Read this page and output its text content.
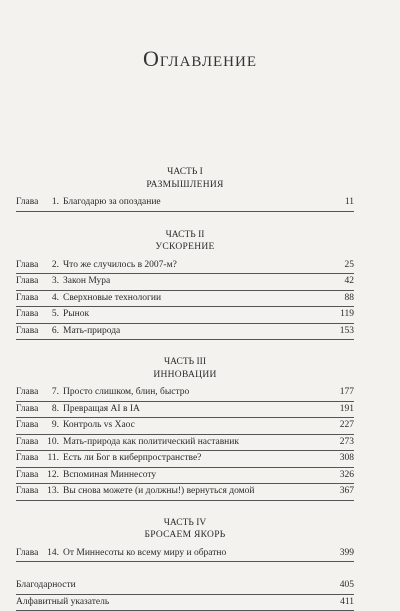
Оглавление
ЧАСТЬ I
РАЗМЫШЛЕНИЯ
Глава	1. Благодарю за опоздание	11
ЧАСТЬ II
УСКОРЕНИЕ
Глава	2. Что же случилось в 2007-м?	25
Глава	3. Закон Мура	42
Глава	4. Сверхновые технологии	88
Глава	5. Рынок	119
Глава	6. Мать-природа	153
ЧАСТЬ III
ИННОВАЦИИ
Глава	7. Просто слишком, блин, быстро	177
Глава	8. Превращая AI в IA	191
Глава	9. Контроль vs Хаос	227
Глава 10. Мать-природа как политический наставник	273
Глава 11. Есть ли Бог в киберпространстве?	308
Глава 12. Вспоминая Миннесоту	326
Глава 13. Вы снова можете (и должны!) вернуться домой	367
ЧАСТЬ IV
БРОСАЕМ ЯКОРЬ
Глава 14. От Миннесоты ко всему миру и обратно	399
Благодарности	405
Алфавитный указатель	411
